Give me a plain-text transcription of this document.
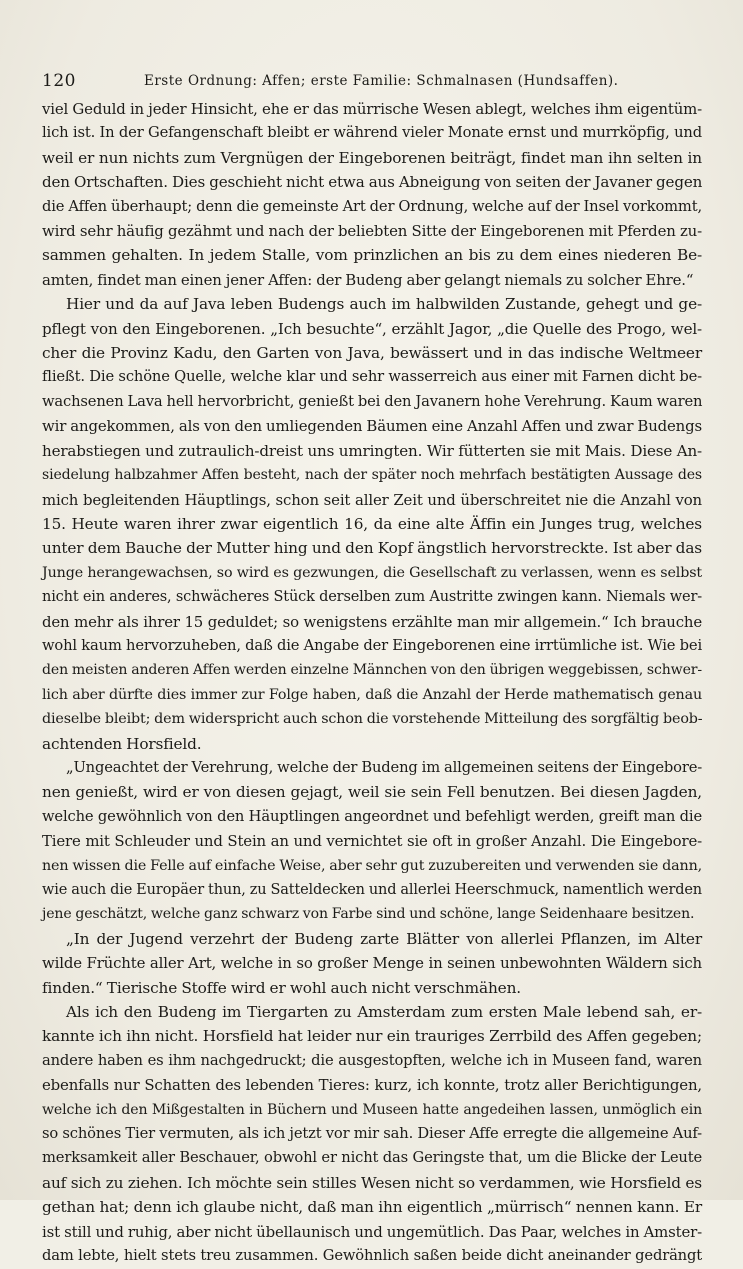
120	Erste Ordnung: Affen; erste Familie: Schmalnasen (Hundsaffen).
viel Geduld in jeder Hinsicht, ehe er das mürrische Wesen ablegt, welches ihm eigentüm-
lich ist. In der Gefangenschaft bleibt er während vieler Monate ernst und murrköpfig, und
weil er nun nichts zum Vergnügen der Eingeborenen beiträgt, findet man ihn selten in
den Ortschaften. Dies geschieht nicht etwa aus Abneigung von seiten der Javaner gegen
die Affen überhaupt; denn die gemeinste Art der Ordnung, welche auf der Insel vorkommt,
wird sehr häufig gezähmt und nach der beliebten Sitte der Eingeborenen mit Pferden zu-
sammen gehalten. In jedem Stalle, vom prinzlichen an bis zu dem eines niederen Be-
amten, findet man einen jener Affen: der Budeng aber gelangt niemals zu solcher Ehre.“
Hier und da auf Java leben Budengs auch im halbwilden Zustande, gehegt und ge-
pflegt von den Eingeborenen. „Ich besuchte“, erzählt Jagor, „die Quelle des Progo, wel-
cher die Provinz Kadu, den Garten von Java, bewässert und in das indische Weltmeer
fließt. Die schöne Quelle, welche klar und sehr wasserreich aus einer mit Farnen dicht be-
wachsenen Lava hell hervorbricht, genießt bei den Javanern hohe Verehrung. Kaum waren
wir angekommen, als von den umliegenden Bäumen eine Anzahl Affen und zwar Budengs
herabstiegen und zutraulich-dreist uns umringten. Wir fütterten sie mit Mais. Diese An-
siedelung halbzahmer Affen besteht, nach der später noch mehrfach bestätigten Aussage des
mich begleitenden Häuptlings, schon seit aller Zeit und überschreitet nie die Anzahl von
15. Heute waren ihrer zwar eigentlich 16, da eine alte Äffin ein Junges trug, welches
unter dem Bauche der Mutter hing und den Kopf ängstlich hervorstreckte. Ist aber das
Junge herangewachsen, so wird es gezwungen, die Gesellschaft zu verlassen, wenn es selbst
nicht ein anderes, schwächeres Stück derselben zum Austritte zwingen kann. Niemals wer-
den mehr als ihrer 15 geduldet; so wenigstens erzählte man mir allgemein.“ Ich brauche
wohl kaum hervorzuheben, daß die Angabe der Eingeborenen eine irrtümliche ist. Wie bei
den meisten anderen Affen werden einzelne Männchen von den übrigen weggebissen, schwer-
lich aber dürfte dies immer zur Folge haben, daß die Anzahl der Herde mathematisch genau
dieselbe bleibt; dem widerspricht auch schon die vorstehende Mitteilung des sorgfältig beob-
achtenden Horsfield.
„Ungeachtet der Verehrung, welche der Budeng im allgemeinen seitens der Eingebore-
nen genießt, wird er von diesen gejagt, weil sie sein Fell benutzen. Bei diesen Jagden,
welche gewöhnlich von den Häuptlingen angeordnet und befehligt werden, greift man die
Tiere mit Schleuder und Stein an und vernichtet sie oft in großer Anzahl. Die Eingebore-
nen wissen die Felle auf einfache Weise, aber sehr gut zuzubereiten und verwenden sie dann,
wie auch die Europäer thun, zu Satteldecken und allerlei Heerschmuck, namentlich werden
jene geschätzt, welche ganz schwarz von Farbe sind und schöne, lange Seidenhaare besitzen.
„In der Jugend verzehrt der Budeng zarte Blätter von allerlei Pflanzen, im Alter
wilde Früchte aller Art, welche in so großer Menge in seinen unbewohnten Wäldern sich
finden.“ Tierische Stoffe wird er wohl auch nicht verschmähen.
Als ich den Budeng im Tiergarten zu Amsterdam zum ersten Male lebend sah, er-
kannte ich ihn nicht. Horsfield hat leider nur ein trauriges Zerrbild des Affen gegeben;
andere haben es ihm nachgedruckt; die ausgestopften, welche ich in Museen fand, waren
ebenfalls nur Schatten des lebenden Tieres: kurz, ich konnte, trotz aller Berichtigungen,
welche ich den Mißgestalten in Büchern und Museen hatte angedeihen lassen, unmöglich ein
so schönes Tier vermuten, als ich jetzt vor mir sah. Dieser Affe erregte die allgemeine Auf-
merksamkeit aller Beschauer, obwohl er nicht das Geringste that, um die Blicke der Leute
auf sich zu ziehen. Ich möchte sein stilles Wesen nicht so verdammen, wie Horsfield es
gethan hat; denn ich glaube nicht, daß man ihn eigentlich „mürrisch“ nennen kann. Er
ist still und ruhig, aber nicht übellaunisch und ungemütlich. Das Paar, welches in Amster-
dam lebte, hielt stets treu zusammen. Gewöhnlich saßen beide dicht aneinander gedrängt
